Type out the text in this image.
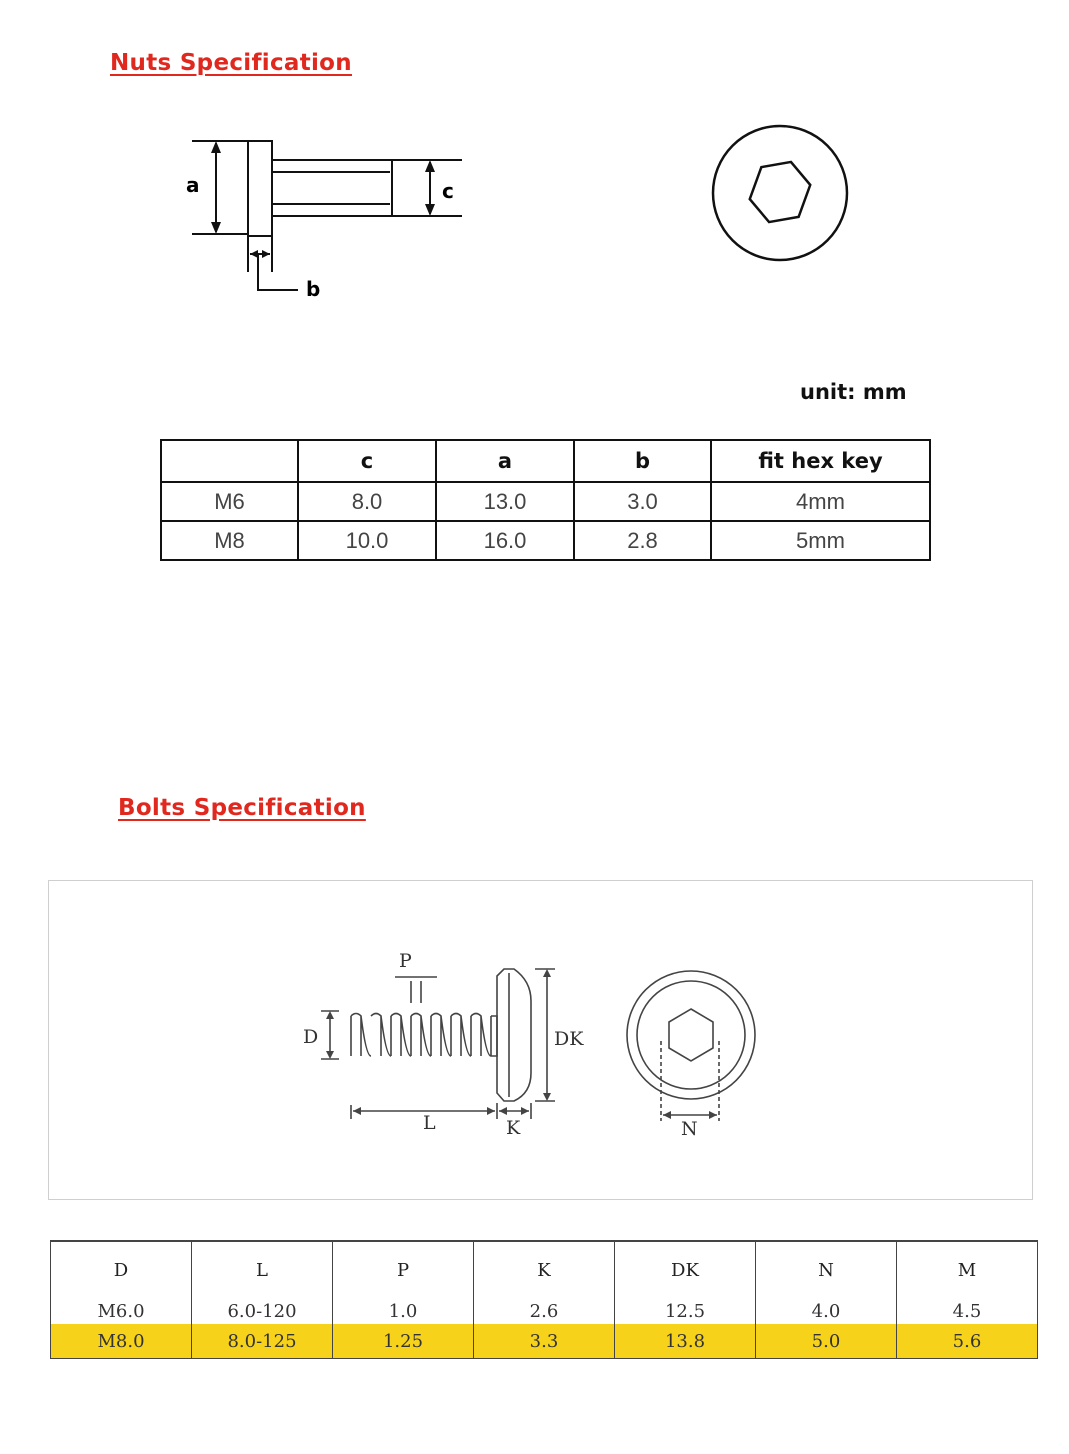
Nuts Specification
a	c
b
unit: mm
	c	a	b	fit hex key
M6	8.0	13.0	3.0	4mm
M8	10.0	16.0	2.8	5mm
Bolts Specification
P
D	DK
L	K	N
D	L	P	K	DK	N	M
M6.0	6.0-120	1.0	2.6	12.5	4.0	4.5
M8.0	8.0-125	1.25	3.3	13.8	5.0	5.6
